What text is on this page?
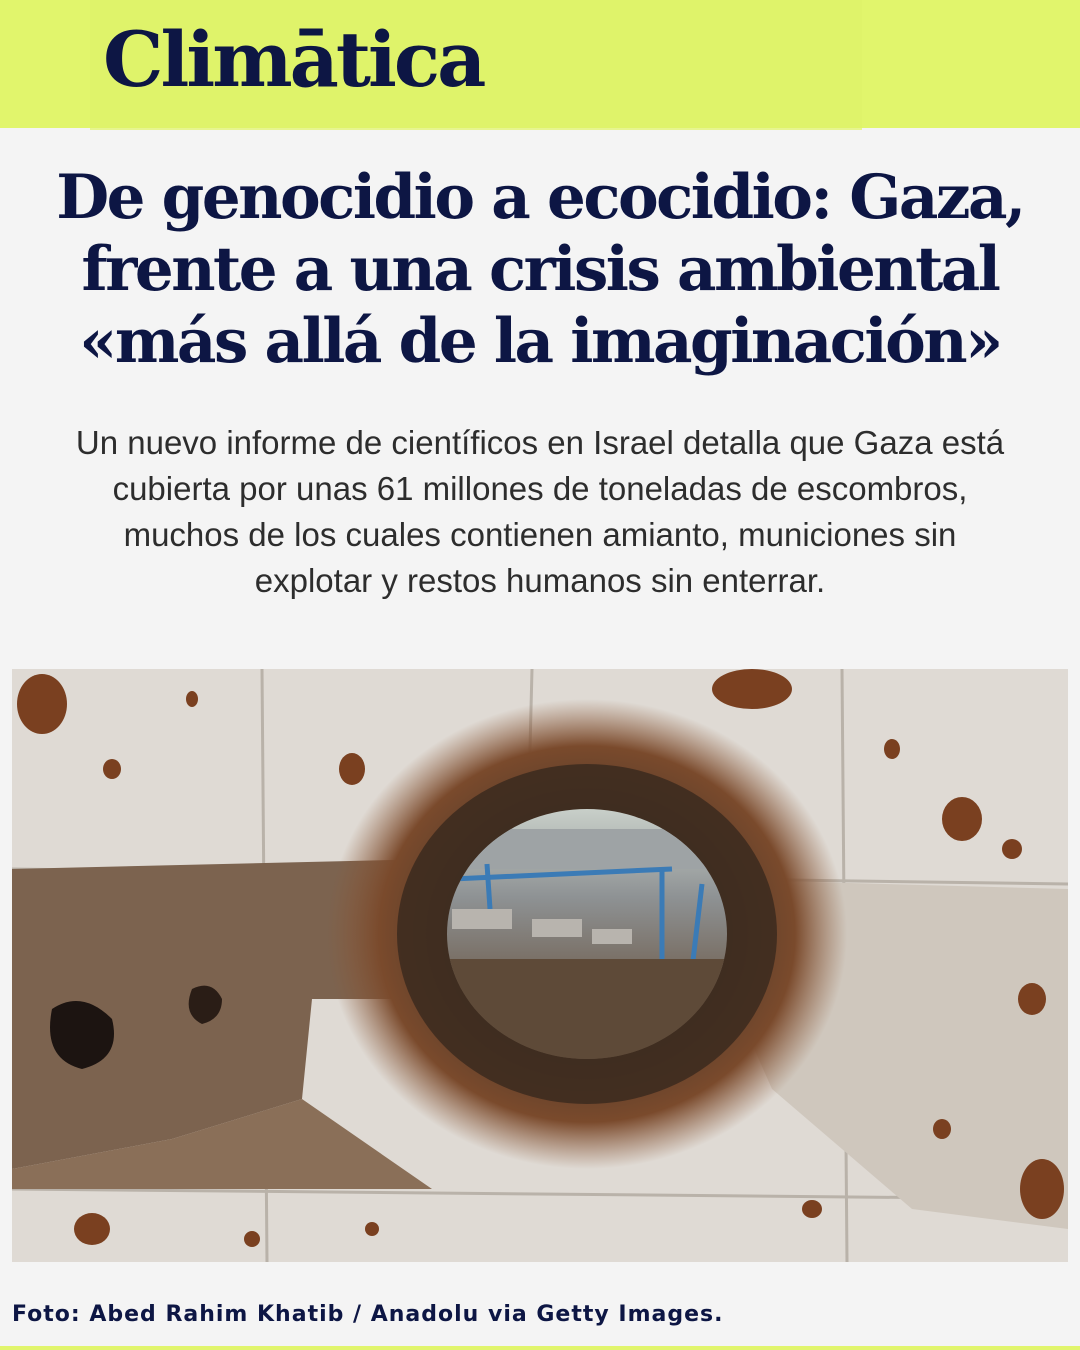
Climātica
De genocidio a ecocidio: Gaza,
frente a una crisis ambiental
«más allá de la imaginación»

Un nuevo informe de científicos en Israel detalla que Gaza está
cubierta por unas 61 millones de toneladas de escombros,
muchos de los cuales contienen amianto, municiones sin
explotar y restos humanos sin enterrar.

Foto: Abed Rahim Khatib / Anadolu via Getty Images.
